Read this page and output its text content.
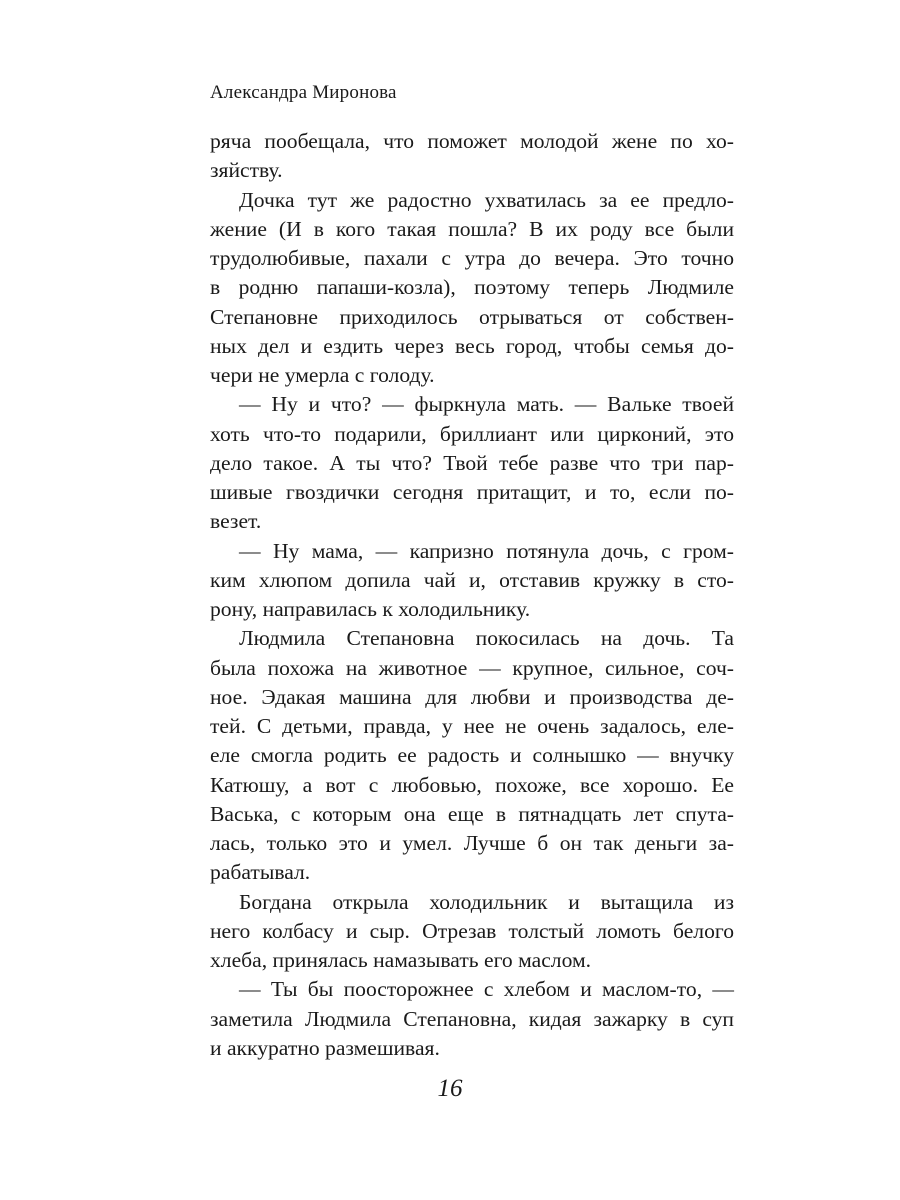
Александра Миронова
ряча пообещала, что поможет молодой жене по хо-
зяйству.
Дочка тут же радостно ухватилась за ее предло-
жение (И в кого такая пошла? В их роду все были
трудолюбивые, пахали с утра до вечера. Это точно
в родню папаши-козла), поэтому теперь Людмиле
Степановне приходилось отрываться от собствен-
ных дел и ездить через весь город, чтобы семья до-
чери не умерла с голоду.
— Ну и что? — фыркнула мать. — Вальке твоей
хоть что-то подарили, бриллиант или цирконий, это
дело такое. А ты что? Твой тебе разве что три пар-
шивые гвоздички сегодня притащит, и то, если по-
везет.
— Ну мама, — капризно потянула дочь, с гром-
ким хлюпом допила чай и, отставив кружку в сто-
рону, направилась к холодильнику.
Людмила Степановна покосилась на дочь. Та
была похожа на животное — крупное, сильное, соч-
ное. Эдакая машина для любви и производства де-
тей. С детьми, правда, у нее не очень задалось, еле-
еле смогла родить ее радость и солнышко — внучку
Катюшу, а вот с любовью, похоже, все хорошо. Ее
Васька, с которым она еще в пятнадцать лет спута-
лась, только это и умел. Лучше б он так деньги за-
рабатывал.
Богдана открыла холодильник и вытащила из
него колбасу и сыр. Отрезав толстый ломоть белого
хлеба, принялась намазывать его маслом.
— Ты бы поосторожнее с хлебом и маслом-то, —
заметила Людмила Степановна, кидая зажарку в суп
и аккуратно размешивая.
16
